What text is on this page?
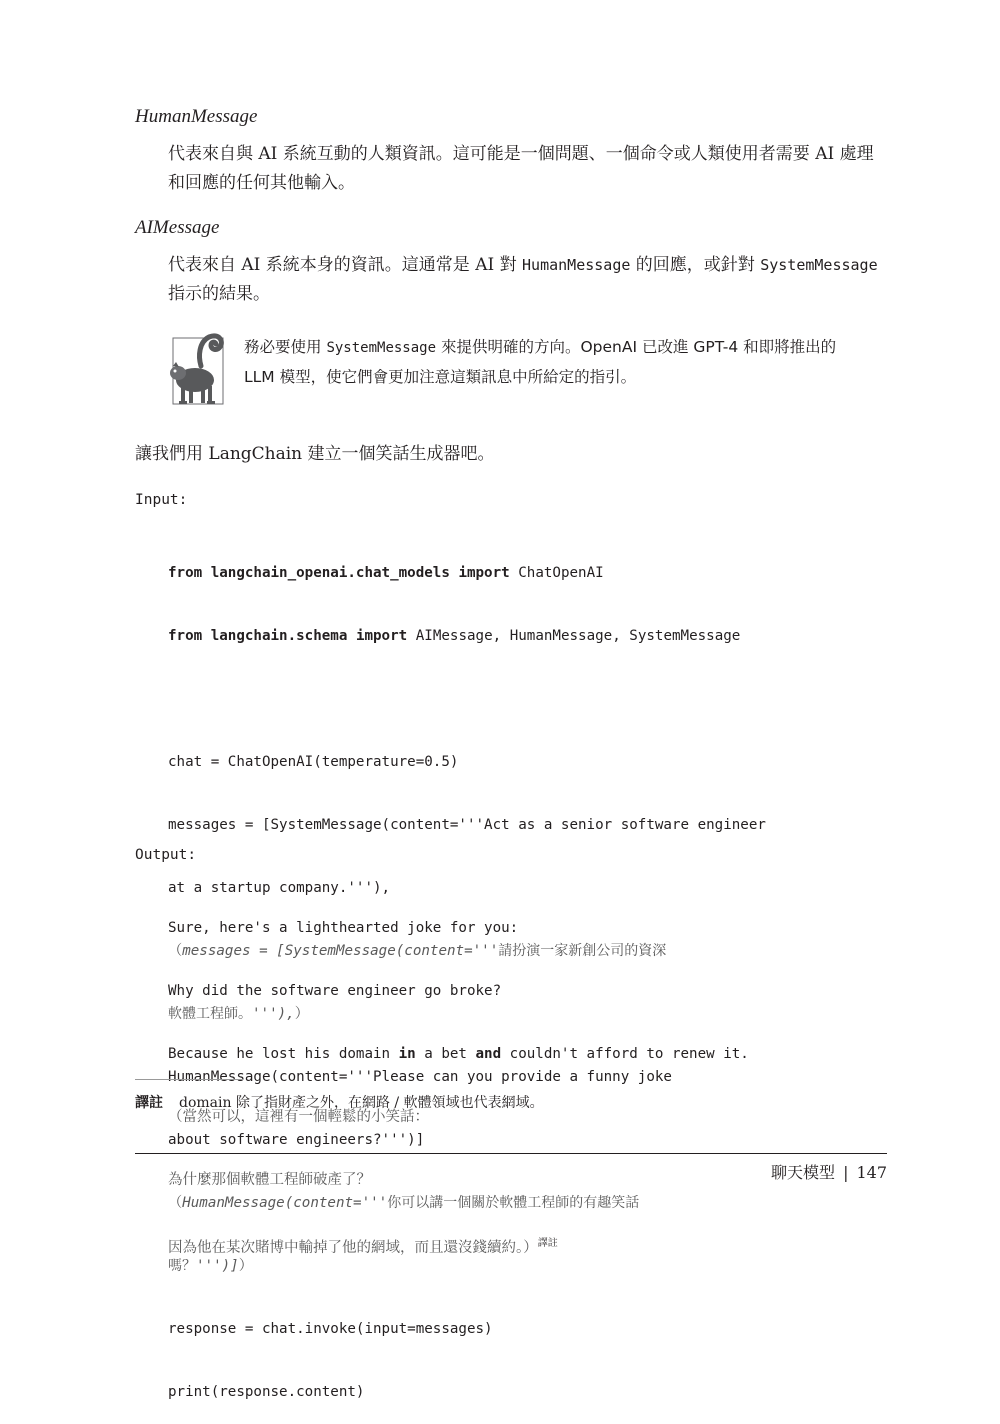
HumanMessage

代表來自與 AI 系統互動的人類資訊。這可能是一個問題、一個命令或人類使用者需要 AI 處理和回應的任何其他輸入。

AIMessage

代表來自 AI 系統本身的資訊。這通常是 AI 對 HumanMessage 的回應，或針對 SystemMessage 指示的結果。

務必要使用 SystemMessage 來提供明確的方向。OpenAI 已改進 GPT-4 和即將推出的 LLM 模型，使它們會更加注意這類訊息中所給定的指引。

讓我們用 LangChain 建立一個笑話生成器吧。
Input:

from langchain_openai.chat_models import ChatOpenAI

from langchain.schema import AIMessage, HumanMessage, SystemMessage

chat = ChatOpenAI(temperature=0.5)

messages = [SystemMessage(content='''Act as a senior software engineer

at a startup company.'''),

（messages = [SystemMessage(content='''請扮演一家新創公司的資深

軟體工程師。'''),）

HumanMessage(content='''Please can you provide a funny joke

about software engineers?''')]

（HumanMessage(content='''你可以講一個關於軟體工程師的有趣笑話

嗎？''')]）

response = chat.invoke(input=messages)

print(response.content)

Output:

Sure, here's a lighthearted joke for you:

Why did the software engineer go broke?

Because he lost his domain in a bet and couldn't afford to renew it.

（當然可以，這裡有一個輕鬆的小笑話：

為什麼那個軟體工程師破產了？

因為他在某次賭博中輸掉了他的網域，而且還沒錢續約。）$^{譯註}$

譯註 domain 除了指財產之外，在網路 / 軟體領域也代表網域。
聊天模型 | 147
